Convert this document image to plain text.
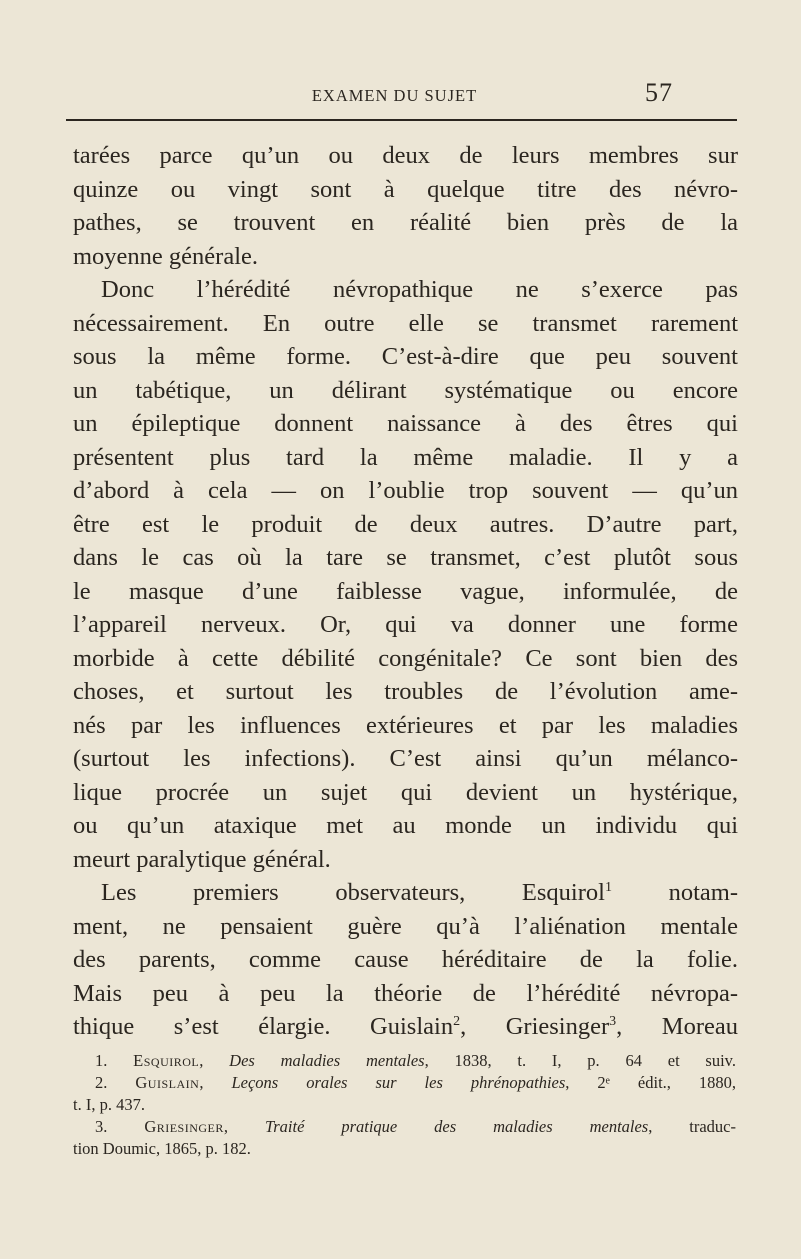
EXAMEN DU SUJET	57
tarées parce qu’un ou deux de leurs membres sur
quinze ou vingt sont à quelque titre des névro-
pathes, se trouvent en réalité bien près de la
moyenne générale.
Donc l’hérédité névropathique ne s’exerce pas
nécessairement. En outre elle se transmet rarement
sous la même forme. C’est-à-dire que peu souvent
un tabétique, un délirant systématique ou encore
un épileptique donnent naissance à des êtres qui
présentent plus tard la même maladie. Il y a
d’abord à cela — on l’oublie trop souvent — qu’un
être est le produit de deux autres. D’autre part,
dans le cas où la tare se transmet, c’est plutôt sous
le masque d’une faiblesse vague, informulée, de
l’appareil nerveux. Or, qui va donner une forme
morbide à cette débilité congénitale? Ce sont bien des
choses, et surtout les troubles de l’évolution ame-
nés par les influences extérieures et par les maladies
(surtout les infections). C’est ainsi qu’un mélanco-
lique procrée un sujet qui devient un hystérique,
ou qu’un ataxique met au monde un individu qui
meurt paralytique général.
Les premiers observateurs, Esquirol$^1$ notam-
ment, ne pensaient guère qu’à l’aliénation mentale
des parents, comme cause héréditaire de la folie.
Mais peu à peu la théorie de l’hérédité névropa-
thique s’est élargie. Guislain$^2$, Griesinger$^3$, Moreau
1. Esquirol, Des maladies mentales, 1838, t. I, p. 64 et suiv.
2. Guislain, Leçons orales sur les phrénopathies, 2ᵉ édit., 1880,
t. I, p. 437.
3. Griesinger, Traité pratique des maladies mentales, traduc-
tion Doumic, 1865, p. 182.
